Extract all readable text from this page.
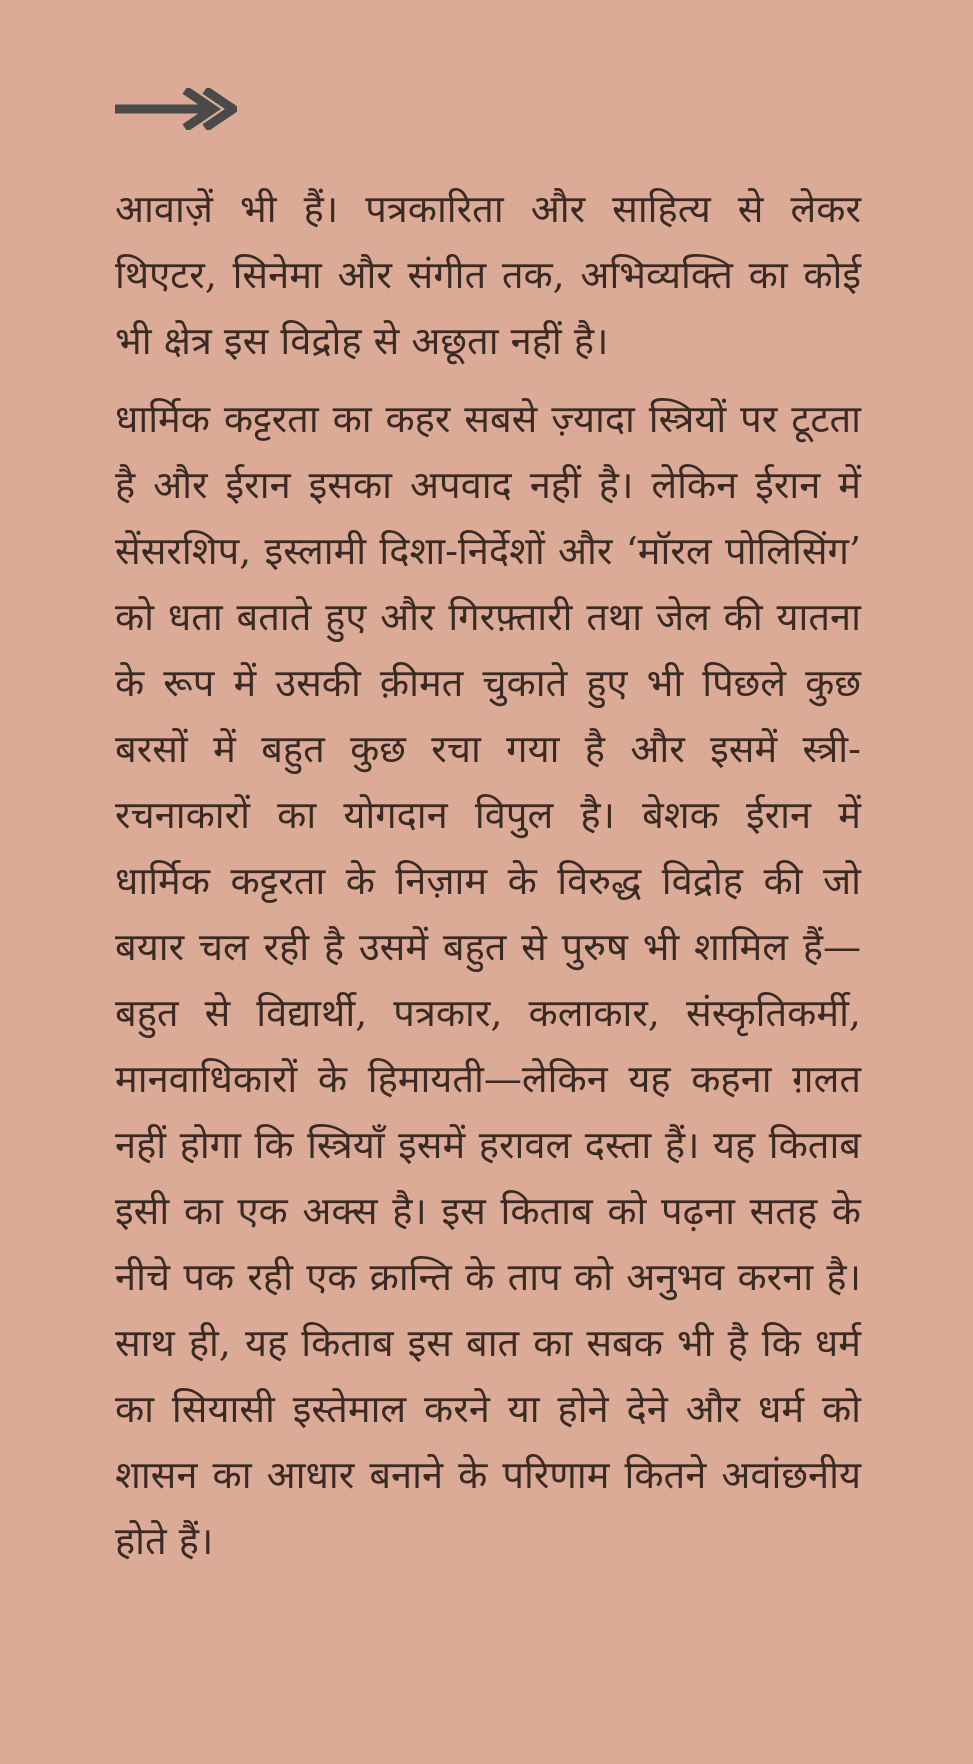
आवाज़ें भी हैं। पत्रकारिता और साहित्य से लेकर थिएटर, सिनेमा और संगीत तक, अभिव्यक्ति का कोई भी क्षेत्र इस विद्रोह से अछूता नहीं है।

धार्मिक कट्टरता का कहर सबसे ज़्यादा स्त्रियों पर टूटता है और ईरान इसका अपवाद नहीं है। लेकिन ईरान में सेंसरशिप, इस्लामी दिशा-निर्देशों और ‘मॉरल पोलिसिंग’ को धता बताते हुए और गिरफ़्तारी तथा जेल की यातना के रूप में उसकी क़ीमत चुकाते हुए भी पिछले कुछ बरसों में बहुत कुछ रचा गया है और इसमें स्त्री-रचनाकारों का योगदान विपुल है। बेशक ईरान में धार्मिक कट्टरता के निज़ाम के विरुद्ध विद्रोह की जो बयार चल रही है उसमें बहुत से पुरुष भी शामिल हैं—बहुत से विद्यार्थी, पत्रकार, कलाकार, संस्कृतिकर्मी, मानवाधिकारों के हिमायती—लेकिन यह कहना ग़लत नहीं होगा कि स्त्रियाँ इसमें हरावल दस्ता हैं। यह किताब इसी का एक अक्स है। इस किताब को पढ़ना सतह के नीचे पक रही एक क्रान्ति के ताप को अनुभव करना है। साथ ही, यह किताब इस बात का सबक भी है कि धर्म का सियासी इस्तेमाल करने या होने देने और धर्म को शासन का आधार बनाने के परिणाम कितने अवांछनीय होते हैं।
